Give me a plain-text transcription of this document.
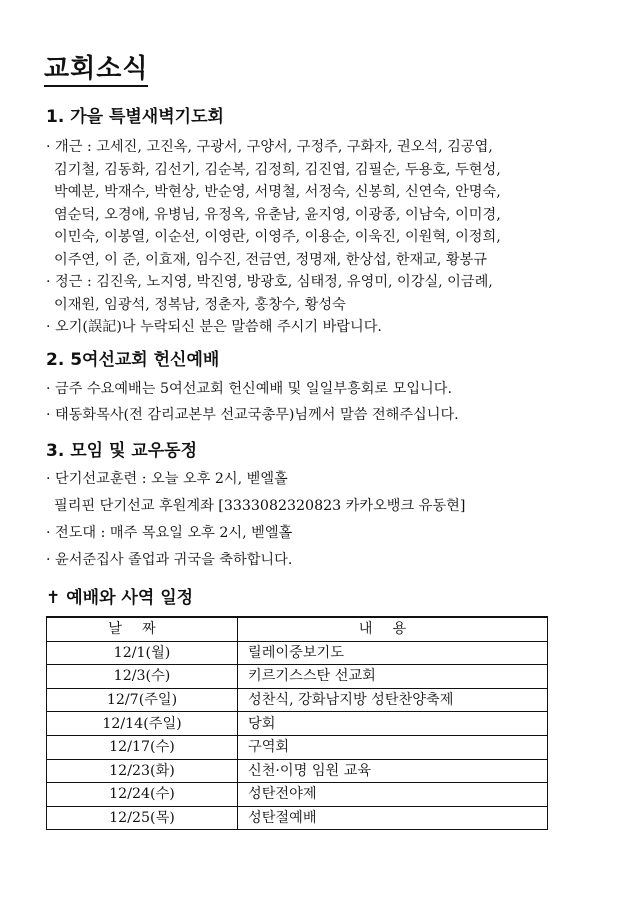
교회소식
1. 가을 특별새벽기도회
· 개근 : 고세진, 고진옥, 구광서, 구양서, 구정주, 구화자, 권오석, 김공엽,
김기철, 김동화, 김선기, 김순복, 김정희, 김진엽, 김필순, 두용호, 두현성,
박예분, 박재수, 박현상, 반순영, 서명철, 서정숙, 신봉희, 신연숙, 안명숙,
염순덕, 오경애, 유병님, 유정옥, 유춘남, 윤지영, 이광종, 이남숙, 이미경,
이민숙, 이봉열, 이순선, 이영란, 이영주, 이용순, 이욱진, 이원혁, 이정희,
이주연, 이 준, 이효재, 임수진, 전금연, 정명재, 한상섭, 한재교, 황봉규
· 정근 : 김진욱, 노지영, 박진영, 방광호, 심태정, 유영미, 이강실, 이금례,
이재원, 임광석, 정복남, 정춘자, 홍창수, 황성숙
· 오기(誤記)나 누락되신 분은 말씀해 주시기 바랍니다.
2. 5여선교회 헌신예배
· 금주 수요예배는 5여선교회 헌신예배 및 일일부흥회로 모입니다.
· 태동화목사(전 감리교본부 선교국총무)님께서 말씀 전해주십니다.
3. 모임 및 교우동정
· 단기선교훈련 : 오늘 오후 2시, 벧엘홀
필리핀 단기선교 후원계좌 [3333082320823 카카오뱅크 유동현]
· 전도대 : 매주 목요일 오후 2시, 벧엘홀
· 윤서준집사 졸업과 귀국을 축하합니다.
✝ 예배와 사역 일정
날짜	내용
12/1(월)	릴레이중보기도
12/3(수)	키르기스스탄 선교회
12/7(주일)	성찬식, 강화남지방 성탄찬양축제
12/14(주일)	당회
12/17(수)	구역회
12/23(화)	신천·이명 임원 교육
12/24(수)	성탄전야제
12/25(목)	성탄절예배
